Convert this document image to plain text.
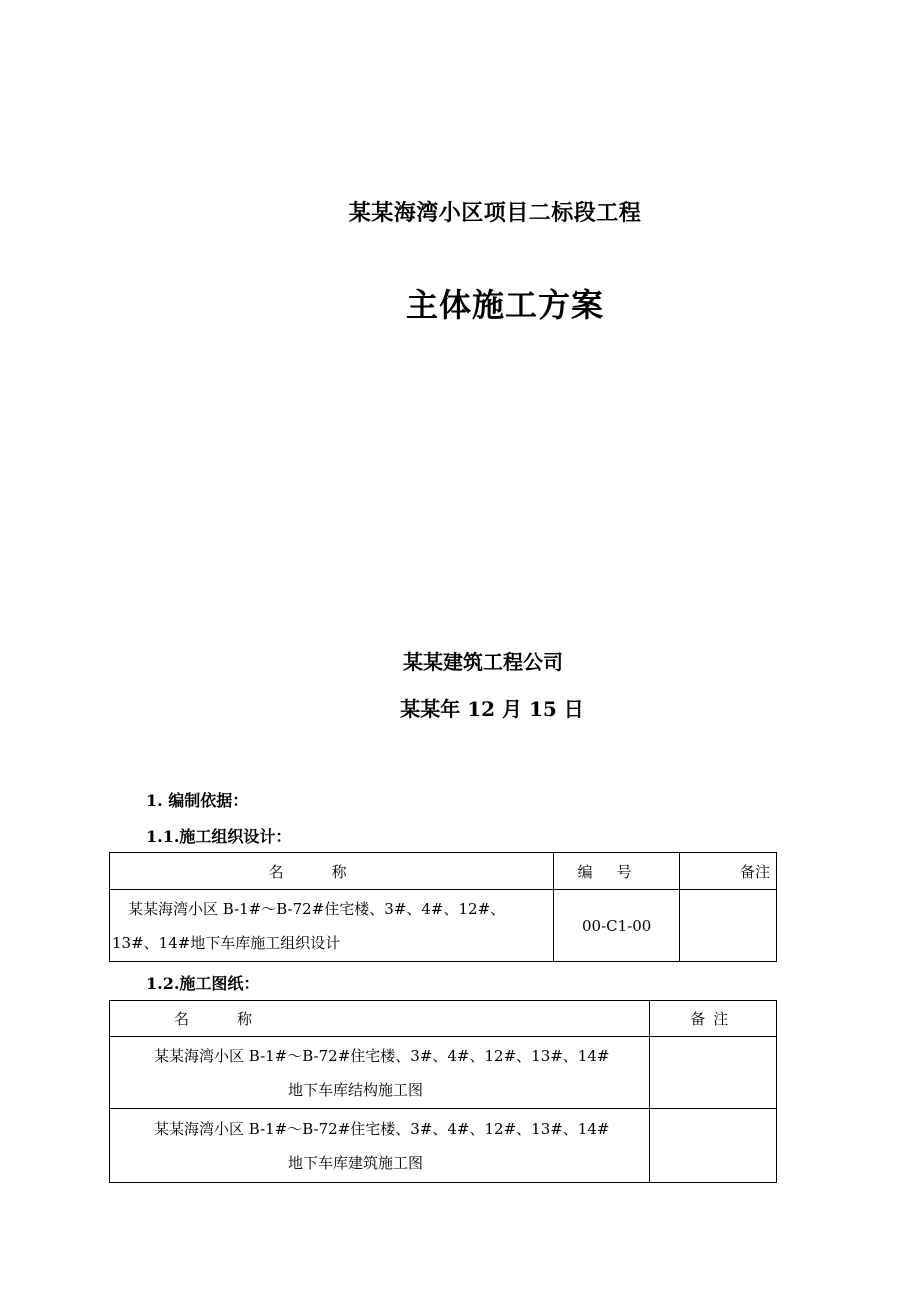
某某海湾小区项目二标段工程
主体施工方案
某某建筑工程公司
某某年 12 月 15 日
1. 编制依据：
1.1.施工组织设计：
名称	编号	备注

某某海湾小区 B-1#～B-72#住宅楼、3#、4#、12#、
13#、14#地下车库施工组织设计	00-C1-00	
1.2.施工图纸：
名称	备注

某某海湾小区 B-1#～B-72#住宅楼、3#、4#、12#、13#、14#
地下车库结构施工图	

某某海湾小区 B-1#～B-72#住宅楼、3#、4#、12#、13#、14#
地下车库建筑施工图	
